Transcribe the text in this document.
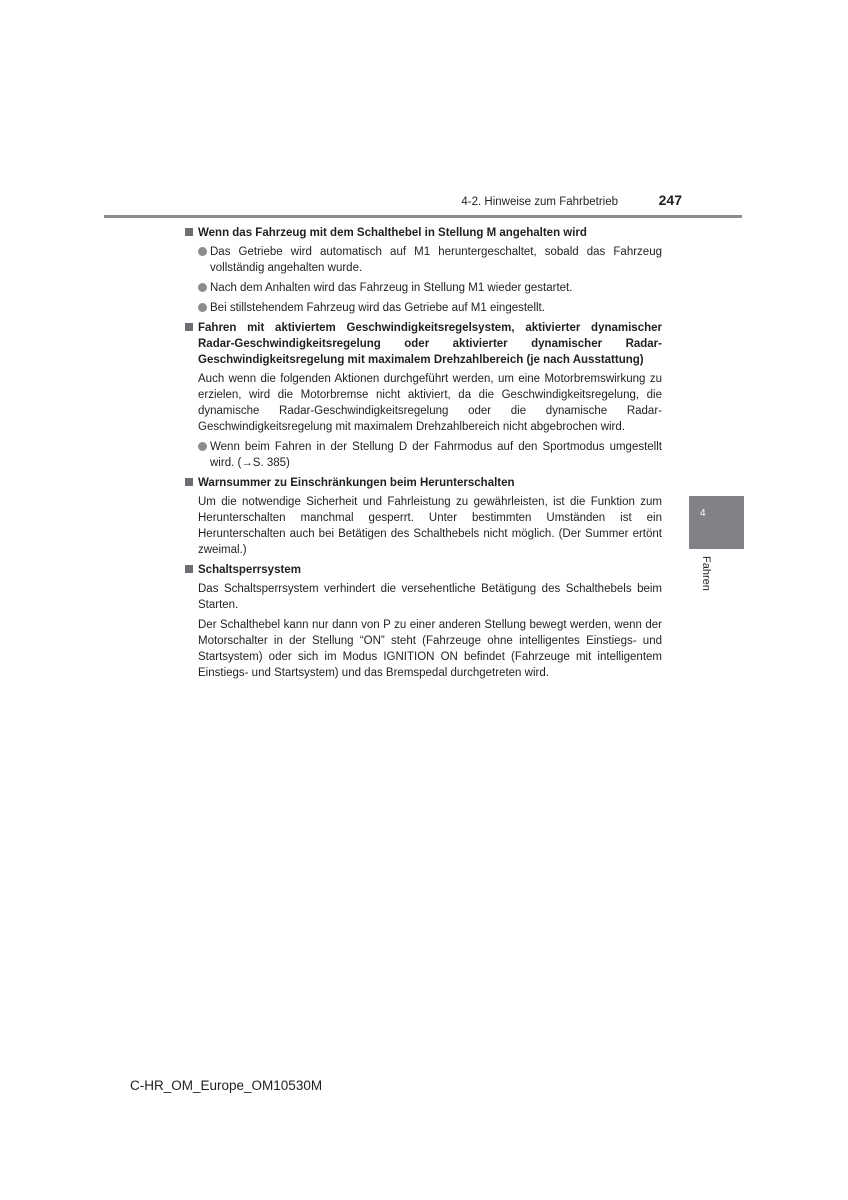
4-2. Hinweise zum Fahrbetrieb	247
Wenn das Fahrzeug mit dem Schalthebel in Stellung M angehalten wird
Das Getriebe wird automatisch auf M1 heruntergeschaltet, sobald das Fahrzeug vollständig angehalten wurde.
Nach dem Anhalten wird das Fahrzeug in Stellung M1 wieder gestartet.
Bei stillstehendem Fahrzeug wird das Getriebe auf M1 eingestellt.
Fahren mit aktiviertem Geschwindigkeitsregelsystem, aktivierter dynamischer Radar-Geschwindigkeitsregelung oder aktivierter dynamischer Radar-Geschwindigkeitsregelung mit maximalem Drehzahlbereich (je nach Ausstattung)
Auch wenn die folgenden Aktionen durchgeführt werden, um eine Motorbremswirkung zu erzielen, wird die Motorbremse nicht aktiviert, da die Geschwindigkeitsregelung, die dynamische Radar-Geschwindigkeitsregelung oder die dynamische Radar-Geschwindigkeitsregelung mit maximalem Drehzahlbereich nicht abgebrochen wird.
Wenn beim Fahren in der Stellung D der Fahrmodus auf den Sportmodus umgestellt wird. (→S. 385)
Warnsummer zu Einschränkungen beim Herunterschalten
Um die notwendige Sicherheit und Fahrleistung zu gewährleisten, ist die Funktion zum Herunterschalten manchmal gesperrt. Unter bestimmten Umständen ist ein Herunterschalten auch bei Betätigen des Schalthebels nicht möglich. (Der Summer ertönt zweimal.)
Schaltsperrsystem
Das Schaltsperrsystem verhindert die versehentliche Betätigung des Schalthebels beim Starten.
Der Schalthebel kann nur dann von P zu einer anderen Stellung bewegt werden, wenn der Motorschalter in der Stellung “ON” steht (Fahrzeuge ohne intelligentes Einstiegs- und Startsystem) oder sich im Modus IGNITION ON befindet (Fahrzeuge mit intelligentem Einstiegs- und Startsystem) und das Bremspedal durchgetreten wird.
4
Fahren
C-HR_OM_Europe_OM10530M
